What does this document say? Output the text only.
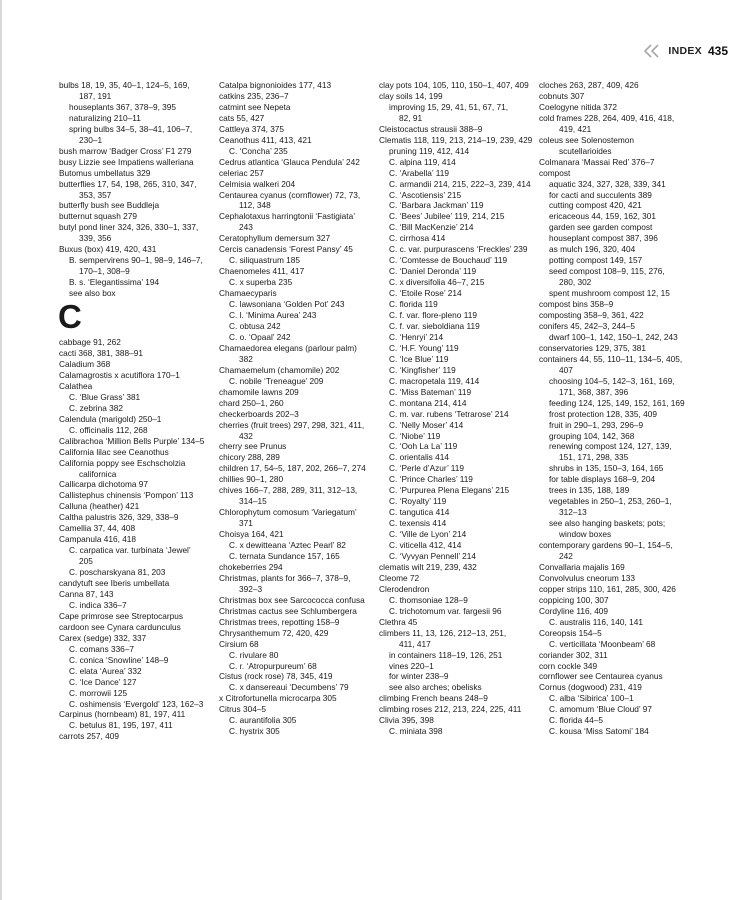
INDEX 435
bulbs 18, 19, 35, 40–1, 124–5, 169,
187, 191
houseplants 367, 378–9, 395
naturalizing 210–11
spring bulbs 34–5, 38–41, 106–7,
230–1
bush marrow ‘Badger Cross’ F1 279
busy Lizzie see Impatiens walleriana
Butomus umbellatus 329
butterflies 17, 54, 198, 265, 310, 347,
353, 357
butterfly bush see Buddleja
butternut squash 279
butyl pond liner 324, 326, 330–1, 337,
339, 356
Buxus (box) 419, 420, 431
B. sempervirens 90–1, 98–9, 146–7,
170–1, 308–9
B. s. ‘Elegantissima’ 194
see also box
C
cabbage 91, 262
cacti 368, 381, 388–91
Caladium 368
Calamagrostis x acutiflora 170–1
Calathea
C. ‘Blue Grass’ 381
C. zebrina 382
Calendula (marigold) 250–1
C. officinalis 112, 268
Calibrachoa ‘Million Bells Purple’ 134–5
California lilac see Ceanothus
California poppy see Eschscholzia
californica
Callicarpa dichotoma 97
Callistephus chinensis ‘Pompon’ 113
Calluna (heather) 421
Caltha palustris 326, 329, 338–9
Camellia 37, 44, 408
Campanula 416, 418
C. carpatica var. turbinata ‘Jewel’
205
C. poscharskyana 81, 203
candytuft see Iberis umbellata
Canna 87, 143
C. indica 336–7
Cape primrose see Streptocarpus
cardoon see Cynara cardunculus
Carex (sedge) 332, 337
C. comans 336–7
C. conica ‘Snowline’ 148–9
C. elata ‘Aurea’ 332
C. ‘Ice Dance’ 127
C. morrowii 125
C. oshimensis ‘Evergold’ 123, 162–3
Carpinus (hornbeam) 81, 197, 411
C. betulus 81, 195, 197, 411
carrots 257, 409
Catalpa bignonioides 177, 413
catkins 235, 236–7
catmint see Nepeta
cats 55, 427
Cattleya 374, 375
Ceanothus 411, 413, 421
C. ‘Concha’ 235
Cedrus atlantica ‘Glauca Pendula’ 242
celeriac 257
Celmisia walkeri 204
Centaurea cyanus (cornflower) 72, 73,
112, 348
Cephalotaxus harringtonii ‘Fastigiata’
243
Ceratophyllum demersum 327
Cercis canadensis ‘Forest Pansy’ 45
C. siliquastrum 185
Chaenomeles 411, 417
C. x superba 235
Chamaecyparis
C. lawsoniana ‘Golden Pot’ 243
C. l. ‘Minima Aurea’ 243
C. obtusa 242
C. o. ‘Opaal’ 242
Chamaedorea elegans (parlour palm)
382
Chamaemelum (chamomile) 202
C. nobile ‘Treneague’ 209
chamomile lawns 209
chard 250–1, 260
checkerboards 202–3
cherries (fruit trees) 297, 298, 321, 411,
432
cherry see Prunus
chicory 288, 289
children 17, 54–5, 187, 202, 266–7, 274
chillies 90–1, 280
chives 166–7, 288, 289, 311, 312–13,
314–15
Chlorophytum comosum ‘Variegatum’
371
Choisya 164, 421
C. x dewitteana ‘Aztec Pearl’ 82
C. ternata Sundance 157, 165
chokeberries 294
Christmas, plants for 366–7, 378–9,
392–3
Christmas box see Sarcococca confusa
Christmas cactus see Schlumbergera
Christmas trees, repotting 158–9
Chrysanthemum 72, 420, 429
Cirsium 68
C. rivulare 80
C. r. ‘Atropurpureum’ 68
Cistus (rock rose) 78, 345, 419
C. x dansereaui ‘Decumbens’ 79
x Citrofortunella microcarpa 305
Citrus 304–5
C. aurantifolia 305
C. hystrix 305
clay pots 104, 105, 110, 150–1, 407, 409
clay soils 14, 199
improving 15, 29, 41, 51, 67, 71,
82, 91
Cleistocactus strausii 388–9
Clematis 118, 119, 213, 214–19, 239, 429
pruning 119, 412, 414
C. alpina 119, 414
C. ‘Arabella’ 119
C. armandii 214, 215, 222–3, 239, 414
C. ‘Ascotiensis’ 215
C. ‘Barbara Jackman’ 119
C. ‘Bees’ Jubilee’ 119, 214, 215
C. ‘Bill MacKenzie’ 214
C. cirrhosa 414
C. c. var. purpurascens ‘Freckles’ 239
C. ‘Comtesse de Bouchaud’ 119
C. ‘Daniel Deronda’ 119
C. x diversifolia 46–7, 215
C. ‘Etoile Rose’ 214
C. florida 119
C. f. var. flore-pleno 119
C. f. var. sieboldiana 119
C. ‘Henryi’ 214
C. ‘H.F. Young’ 119
C. ‘Ice Blue’ 119
C. ‘Kingfisher’ 119
C. macropetala 119, 414
C. ‘Miss Bateman’ 119
C. montana 214, 414
C. m. var. rubens ‘Tetrarose’ 214
C. ‘Nelly Moser’ 414
C. ‘Niobe’ 119
C. ‘Ooh La La’ 119
C. orientalis 414
C. ‘Perle d’Azur’ 119
C. ‘Prince Charles’ 119
C. ‘Purpurea Plena Elegans’ 215
C. ‘Royalty’ 119
C. tangutica 414
C. texensis 414
C. ‘Ville de Lyon’ 214
C. viticella 412, 414
C. ‘Vyvyan Pennell’ 214
clematis wilt 219, 239, 432
Cleome 72
Clerodendron
C. thomsoniae 128–9
C. trichotomum var. fargesii 96
Clethra 45
climbers 11, 13, 126, 212–13, 251,
411, 417
in containers 118–19, 126, 251
vines 220–1
for winter 238–9
see also arches; obelisks
climbing French beans 248–9
climbing roses 212, 213, 224, 225, 411
Clivia 395, 398
C. miniata 398
cloches 263, 287, 409, 426
cobnuts 307
Coelogyne nitida 372
cold frames 228, 264, 409, 416, 418,
419, 421
coleus see Solenostemon
scutellarioides
Colmanara ‘Massai Red’ 376–7
compost
aquatic 324, 327, 328, 339, 341
for cacti and succulents 389
cutting compost 420, 421
ericaceous 44, 159, 162, 301
garden see garden compost
houseplant compost 387, 396
as mulch 196, 320, 404
potting compost 149, 157
seed compost 108–9, 115, 276,
280, 302
spent mushroom compost 12, 15
compost bins 358–9
composting 358–9, 361, 422
conifers 45, 242–3, 244–5
dwarf 100–1, 142, 150–1, 242, 243
conservatories 129, 375, 381
containers 44, 55, 110–11, 134–5, 405,
407
choosing 104–5, 142–3, 161, 169,
171, 368, 387, 396
feeding 124, 125, 149, 152, 161, 169
frost protection 128, 335, 409
fruit in 290–1, 293, 296–9
grouping 104, 142, 368
renewing compost 124, 127, 139,
151, 171, 298, 335
shrubs in 135, 150–3, 164, 165
for table displays 168–9, 204
trees in 135, 188, 189
vegetables in 250–1, 253, 260–1,
312–13
see also hanging baskets; pots;
window boxes
contemporary gardens 90–1, 154–5,
242
Convallaria majalis 169
Convolvulus cneorum 133
copper strips 110, 161, 285, 300, 426
coppicing 100, 307
Cordyline 116, 409
C. australis 116, 140, 141
Coreopsis 154–5
C. verticillata ‘Moonbeam’ 68
coriander 302, 311
corn cockle 349
cornflower see Centaurea cyanus
Cornus (dogwood) 231, 419
C. alba ‘Sibirica’ 100–1
C. amomum ‘Blue Cloud’ 97
C. florida 44–5
C. kousa ‘Miss Satomi’ 184
